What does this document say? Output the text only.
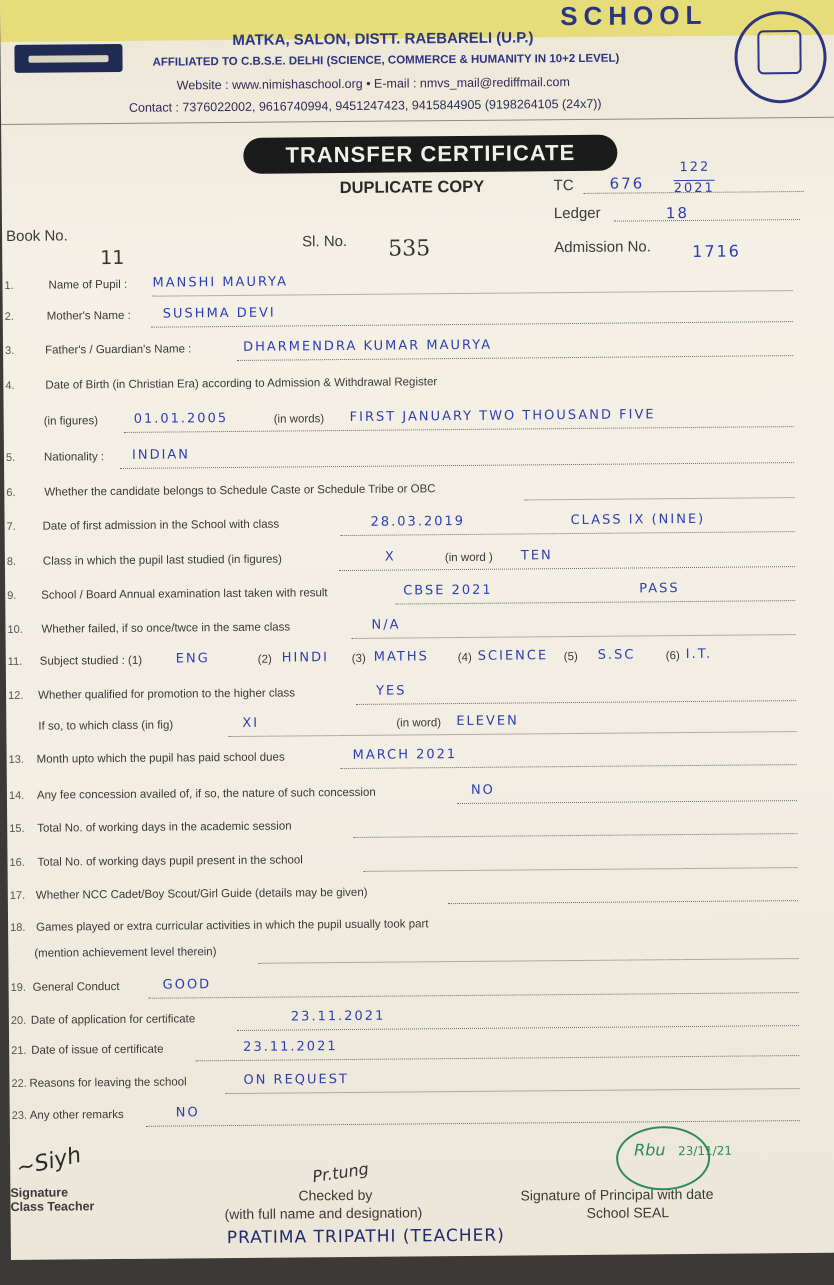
SCHOOL
MATKA, SALON, DISTT. RAEBARELI (U.P.)
AFFILIATED TO C.B.S.E. DELHI (SCIENCE, COMMERCE & HUMANITY IN 10+2 LEVEL)
Website : www.nimishaschool.org • E-mail : nmvs_mail@rediffmail.com
Contact : 7376022002, 9616740994, 9451247423, 9415844905 (9198264105 (24x7))
TRANSFER CERTIFICATE
DUPLICATE COPY	TC 676
122
2021
Ledger	18
Book No.
11
Sl. No. 535	Admission No.	1716
1.	Name of Pupil : MANSHI MAURYA
2.	Mother's Name : SUSHMA DEVI
3.	Father's / Guardian's Name :	DHARMENDRA KUMAR MAURYA
4.	Date of Birth (in Christian Era) according to Admission & Withdrawal Register
(in figures)	01.01.2005	(in words) FIRST JANUARY TWO THOUSAND FIVE
5. Nationality : INDIAN
6. Whether the candidate belongs to Schedule Caste or Schedule Tribe or OBC
7. Date of first admission in the School with class	28.03.2019	CLASS IX (NINE)
8. Class in which the pupil last studied (in figures)	X	(in word ) TEN
9. School / Board Annual examination last taken with result	CBSE 2021	PASS
10. Whether failed, if so once/twce in the same class	N/A
11. Subject studied : (1)	ENG	(2) HINDI (3) MATHS	(4) SCIENCE (5) S.SC	(6) I.T.
12. Whether qualified for promotion to the higher class	YES
If so, to which class (in fig)	XI	(in word) ELEVEN
13. Month upto which the pupil has paid school dues	MARCH 2021
14. Any fee concession availed of, if so, the nature of such concession	NO
15. Total No. of working days in the academic session
16. Total No. of working days pupil present in the school
17. Whether NCC Cadet/Boy Scout/Girl Guide (details may be given)
18. Games played or extra curricular activities in which the pupil usually took part
(mention achievement level therein)
19. General Conduct	GOOD
20. Date of application for certificate	23.11.2021
21. Date of issue of certificate	23.11.2021
22. Reasons for leaving the school	ON REQUEST
23. Any other remarks	NO
~Siyh
Signature
Class Teacher
Pr.tung
Checked by
(with full name and designation)
PRATIMA TRIPATHI (TEACHER)
Rbu 23/11/21
Signature of Principal with date
School SEAL
